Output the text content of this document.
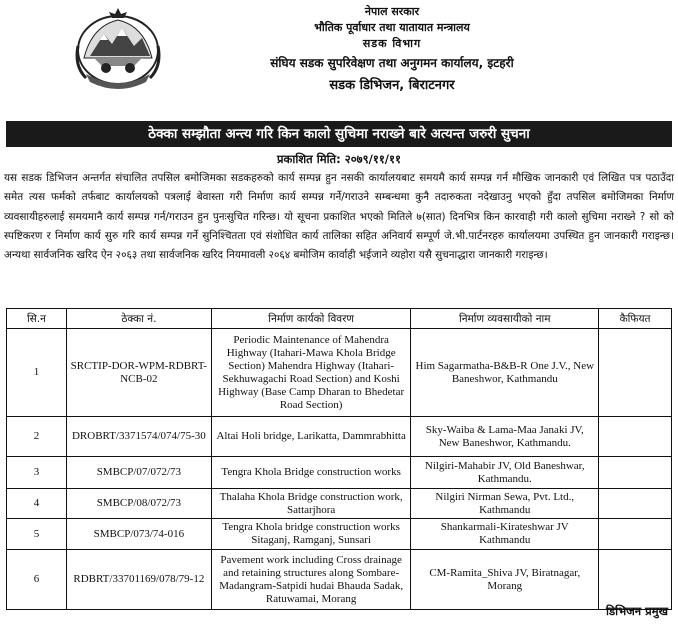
नेपाल सरकार
भौतिक पूर्वाधार तथा यातायात मन्त्रालय
सडक विभाग
संघिय सडक सुपरिवेक्षण तथा अनुगमन कार्यालय, इटहरी
सडक डिभिजन, बिराटनगर
ठेक्का सम्झौता अन्त्य गरि किन कालो सुचिमा नराख्ने बारे अत्यन्त जरुरी सुचना
प्रकाशित मिति: २०७९/११/११

यस सडक डिभिजन अन्तर्गत संचालित तपसिल बमोजिमका सडकहरुको कार्य सम्पन्न हुन नसकी कार्यालयबाट समयमै कार्य सम्पन्न गर्न मौखिक जानकारी एवं लिखित पत्र पठाउँदा समेत त्यस फर्मको तर्फबाट कार्यालयको पत्रलाई बेवास्ता गरी निर्माण कार्य सम्पन्न गर्ने/गराउने सम्बन्धमा कुनै तदारुकता नदेखाउनु भएको हुँदा तपसिल बमोजिमका निर्माण व्यवसायीहरुलाई समयमानै कार्य सम्पन्न गर्न/गराउन हुन पुनःसुचित गरिन्छ। यो सूचना प्रकाशित भएको मितिले ७(सात) दिनभित्र किन कारवाही गरी कालो सुचिमा नराख्ने ? सो को स्पष्टिकरण र निर्माण कार्य सुरु गरि कार्य सम्पन्न गर्ने सुनिश्चितता एवं संशोधित कार्य तालिका सहित अनिवार्य सम्पूर्ण जे.भी.पार्टनरहरु कार्यालयमा उपस्थित हुन जानकारी गराइन्छ। अन्यथा सार्वजनिक खरिद ऐन २०६३ तथा सार्वजनिक खरिद नियमावली २०६४ बमोजिम कार्वाही भईजाने व्यहोरा यसै सुचनाद्धारा जानकारी गराइन्छ।

सि.न	ठेक्का नं.	निर्माण कार्यको विवरण	निर्माण व्यवसायीको नाम	कैफियत
1	SRCTIP-DOR-WPM-RDBRT-NCB-02	Periodic Maintenance of Mahendra Highway (Itahari-Mawa Khola Bridge Section) Mahendra Highway (Itahari-Sekhuwagachi Road Section) and Koshi Highway (Base Camp Dharan to Bhedetar Road Section)	Him Sagarmatha-B&B-R One J.V., New Baneshwor, Kathmandu	
2	DROBRT/3371574/074/75-30	Altai Holi bridge, Larikatta, Dammrabhitta	Sky-Waiba & Lama-Maa Janaki JV, New Baneshwor, Kathmandu.	
3	SMBCP/07/072/73	Tengra Khola Bridge construction works	Nilgiri-Mahabir JV, Old Baneshwar, Kathmandu.	
4	SMBCP/08/072/73	Thalaha Khola Bridge construction work, Sattarjhora	Nilgiri Nirman Sewa, Pvt. Ltd., Kathmandu	
5	SMBCP/073/74-016	Tengra Khola bridge construction works Sitaganj, Ramganj, Sunsari	Shankarmali-Kirateshwar JV Kathmandu	
6	RDBRT/33701169/078/79-12	Pavement work including Cross drainage and retaining structures along Sombare-Madangram-Satpidi hudai Bhauda Sadak, Ratuwamai, Morang	CM-Ramita_Shiva JV, Biratnagar, Morang	
डिभिजन प्रमुख
